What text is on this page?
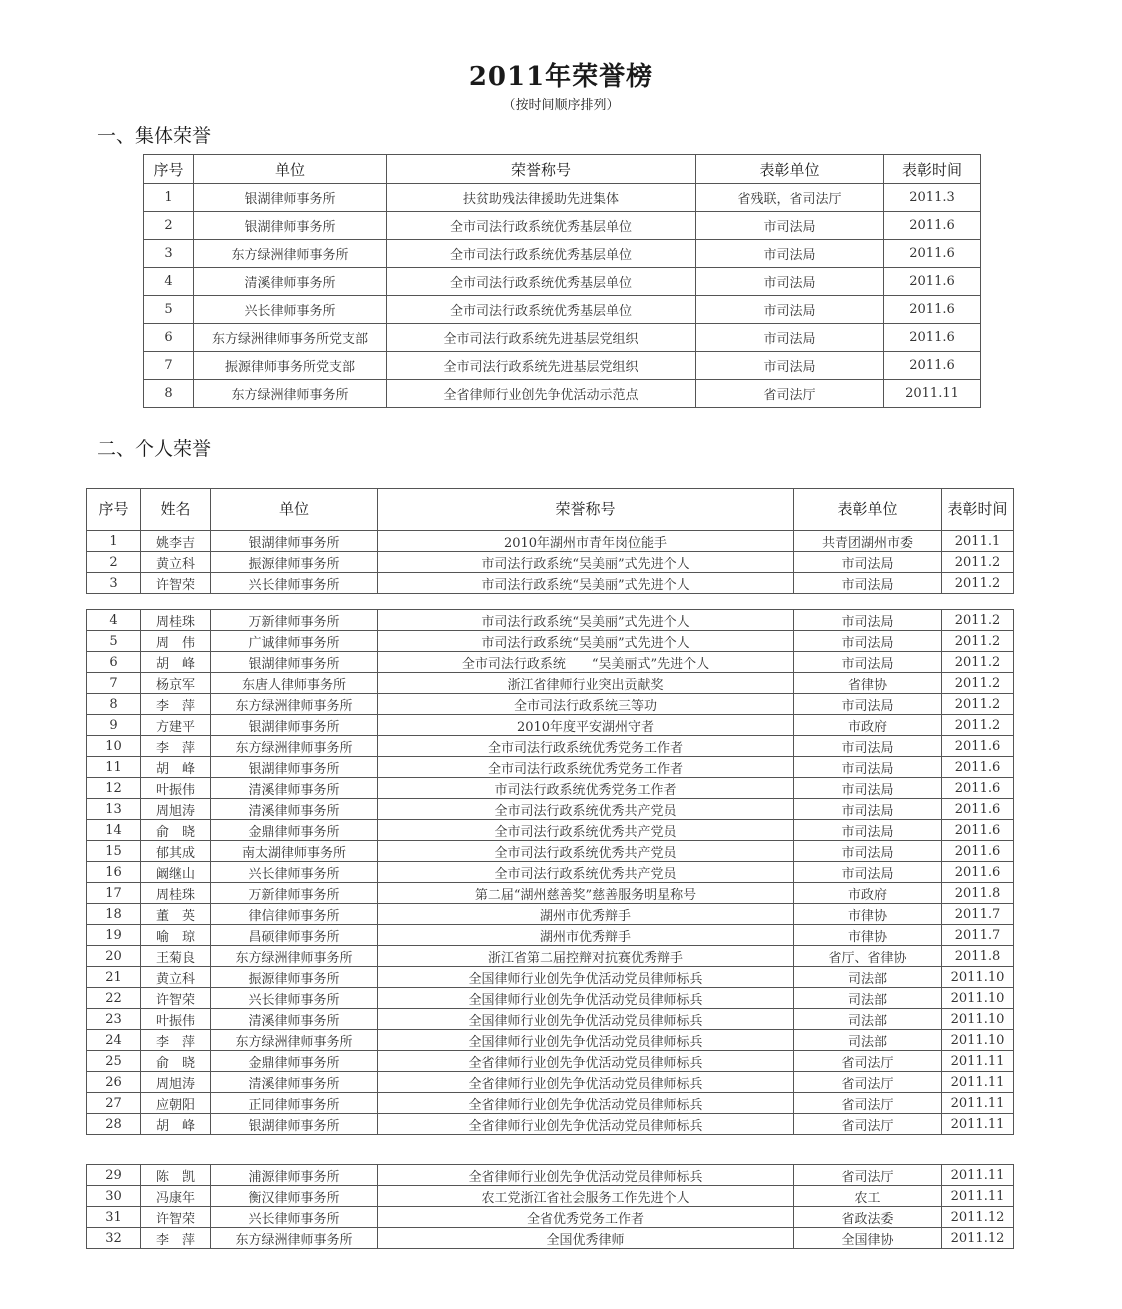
2011年荣誉榜
（按时间顺序排列）
一、集体荣誉
序号	单位	荣誉称号	表彰单位	表彰时间
1	银湖律师事务所	扶贫助残法律援助先进集体	省残联，省司法厅	2011.3
2	银湖律师事务所	全市司法行政系统优秀基层单位	市司法局	2011.6
3	东方绿洲律师事务所	全市司法行政系统优秀基层单位	市司法局	2011.6
4	清溪律师事务所	全市司法行政系统优秀基层单位	市司法局	2011.6
5	兴长律师事务所	全市司法行政系统优秀基层单位	市司法局	2011.6
6	东方绿洲律师事务所党支部	全市司法行政系统先进基层党组织	市司法局	2011.6
7	振源律师事务所党支部	全市司法行政系统先进基层党组织	市司法局	2011.6
8	东方绿洲律师事务所	全省律师行业创先争优活动示范点	省司法厅	2011.11
二、个人荣誉
序号	姓名	单位	荣誉称号	表彰单位	表彰时间
1	姚李吉	银湖律师事务所	2010年湖州市青年岗位能手	共青团湖州市委	2011.1
2	黄立科	振源律师事务所	市司法行政系统“吴美丽”式先进个人	市司法局	2011.2
3	许智荣	兴长律师事务所	市司法行政系统“吴美丽”式先进个人	市司法局	2011.2
4	周桂珠	万新律师事务所	市司法行政系统“吴美丽”式先进个人	市司法局	2011.2
5	周　伟	广诚律师事务所	市司法行政系统“吴美丽”式先进个人	市司法局	2011.2
6	胡　峰	银湖律师事务所	全市司法行政系统　　“吴美丽式”先进个人	市司法局	2011.2
7	杨京军	东唐人律师事务所	浙江省律师行业突出贡献奖	省律协	2011.2
8	李　萍	东方绿洲律师事务所	全市司法行政系统三等功	市司法局	2011.2
9	方建平	银湖律师事务所	2010年度平安湖州守者	市政府	2011.2
10	李　萍	东方绿洲律师事务所	全市司法行政系统优秀党务工作者	市司法局	2011.6
11	胡　峰	银湖律师事务所	全市司法行政系统优秀党务工作者	市司法局	2011.6
12	叶振伟	清溪律师事务所	市司法行政系统优秀党务工作者	市司法局	2011.6
13	周旭涛	清溪律师事务所	全市司法行政系统优秀共产党员	市司法局	2011.6
14	俞　晓	金鼎律师事务所	全市司法行政系统优秀共产党员	市司法局	2011.6
15	郁其成	南太湖律师事务所	全市司法行政系统优秀共产党员	市司法局	2011.6
16	阚继山	兴长律师事务所	全市司法行政系统优秀共产党员	市司法局	2011.6
17	周桂珠	万新律师事务所	第二届“湖州慈善奖”慈善服务明星称号	市政府	2011.8
18	董　英	律信律师事务所	湖州市优秀辩手	市律协	2011.7
19	喻　琼	昌硕律师事务所	湖州市优秀辩手	市律协	2011.7
20	王菊良	东方绿洲律师事务所	浙江省第二届控辩对抗赛优秀辩手	省厅、省律协	2011.8
21	黄立科	振源律师事务所	全国律师行业创先争优活动党员律师标兵	司法部	2011.10
22	许智荣	兴长律师事务所	全国律师行业创先争优活动党员律师标兵	司法部	2011.10
23	叶振伟	清溪律师事务所	全国律师行业创先争优活动党员律师标兵	司法部	2011.10
24	李　萍	东方绿洲律师事务所	全国律师行业创先争优活动党员律师标兵	司法部	2011.10
25	俞　晓	金鼎律师事务所	全省律师行业创先争优活动党员律师标兵	省司法厅	2011.11
26	周旭涛	清溪律师事务所	全省律师行业创先争优活动党员律师标兵	省司法厅	2011.11
27	应朝阳	正同律师事务所	全省律师行业创先争优活动党员律师标兵	省司法厅	2011.11
28	胡　峰	银湖律师事务所	全省律师行业创先争优活动党员律师标兵	省司法厅	2011.11
29	陈　凯	浦源律师事务所	全省律师行业创先争优活动党员律师标兵	省司法厅	2011.11
30	冯康年	衡汉律师事务所	农工党浙江省社会服务工作先进个人	农工	2011.11
31	许智荣	兴长律师事务所	全省优秀党务工作者	省政法委	2011.12
32	李　萍	东方绿洲律师事务所	全国优秀律师	全国律协	2011.12
